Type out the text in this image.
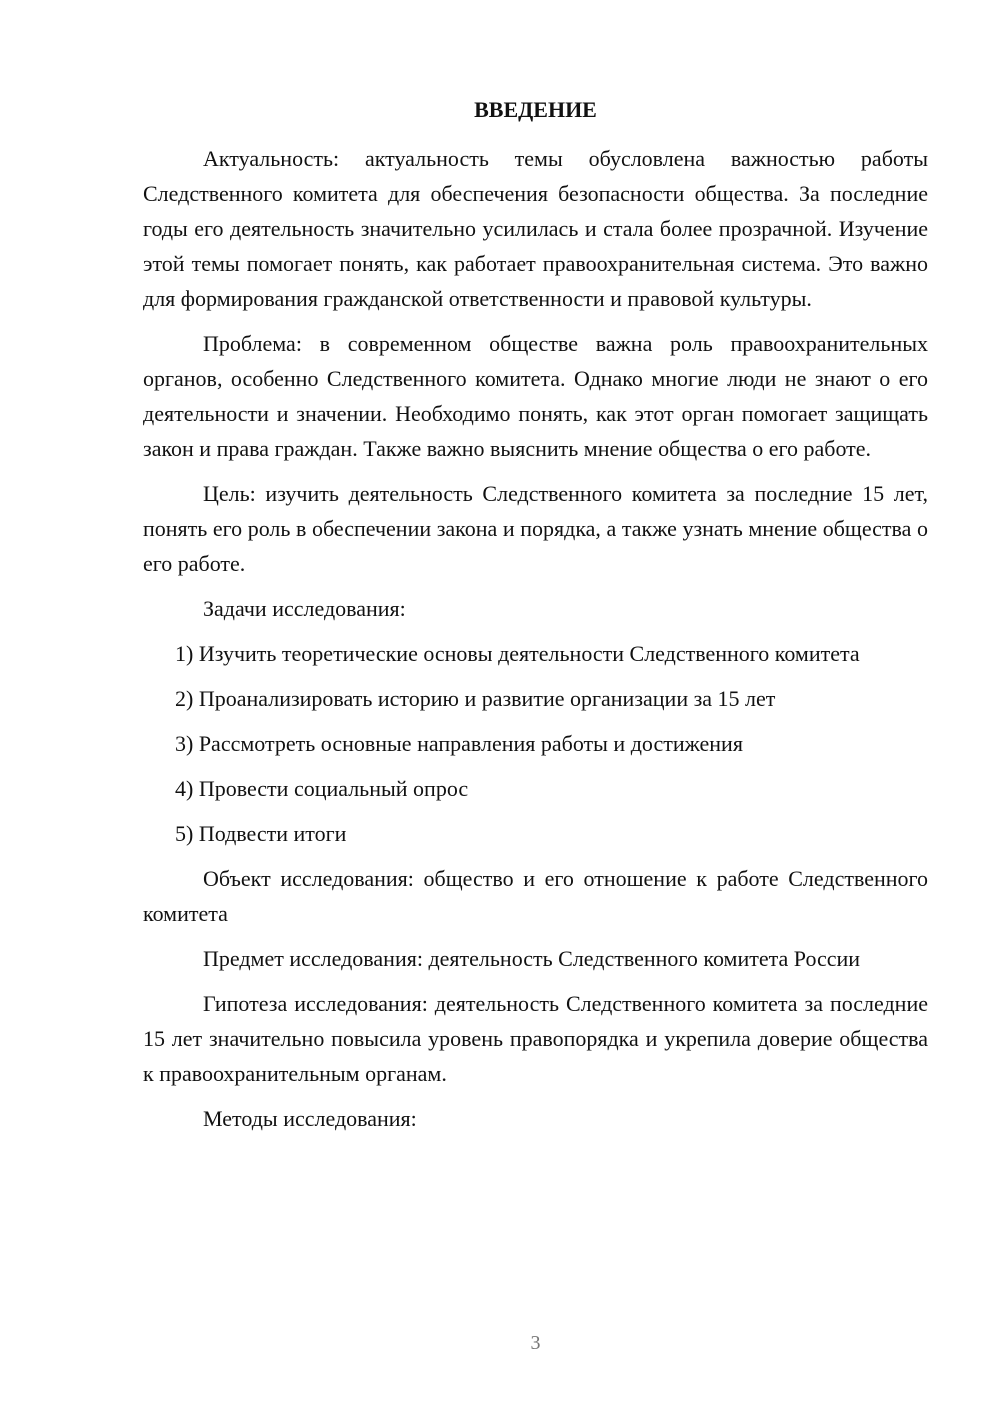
ВВЕДЕНИЕ

Актуальность: актуальность темы обусловлена важностью работы Следственного комитета для обеспечения безопасности общества. За последние годы его деятельность значительно усилилась и стала более прозрачной. Изучение этой темы помогает понять, как работает правоохранительная система. Это важно для формирования гражданской ответственности и правовой культуры.

Проблема: в современном обществе важна роль правоохранительных органов, особенно Следственного комитета. Однако многие люди не знают о его деятельности и значении. Необходимо понять, как этот орган помогает защищать закон и права граждан. Также важно выяснить мнение общества о его работе.

Цель: изучить деятельность Следственного комитета за последние 15 лет, понять его роль в обеспечении закона и порядка, а также узнать мнение общества о его работе.

Задачи исследования:

1) Изучить теоретические основы деятельности Следственного комитета

2) Проанализировать историю и развитие организации за 15 лет

3) Рассмотреть основные направления работы и достижения

4) Провести социальный опрос

5) Подвести итоги

Объект исследования: общество и его отношение к работе Следственного комитета

Предмет исследования: деятельность Следственного комитета России

Гипотеза исследования: деятельность Следственного комитета за последние 15 лет значительно повысила уровень правопорядка и укрепила доверие общества к правоохранительным органам.

Методы исследования:

3
